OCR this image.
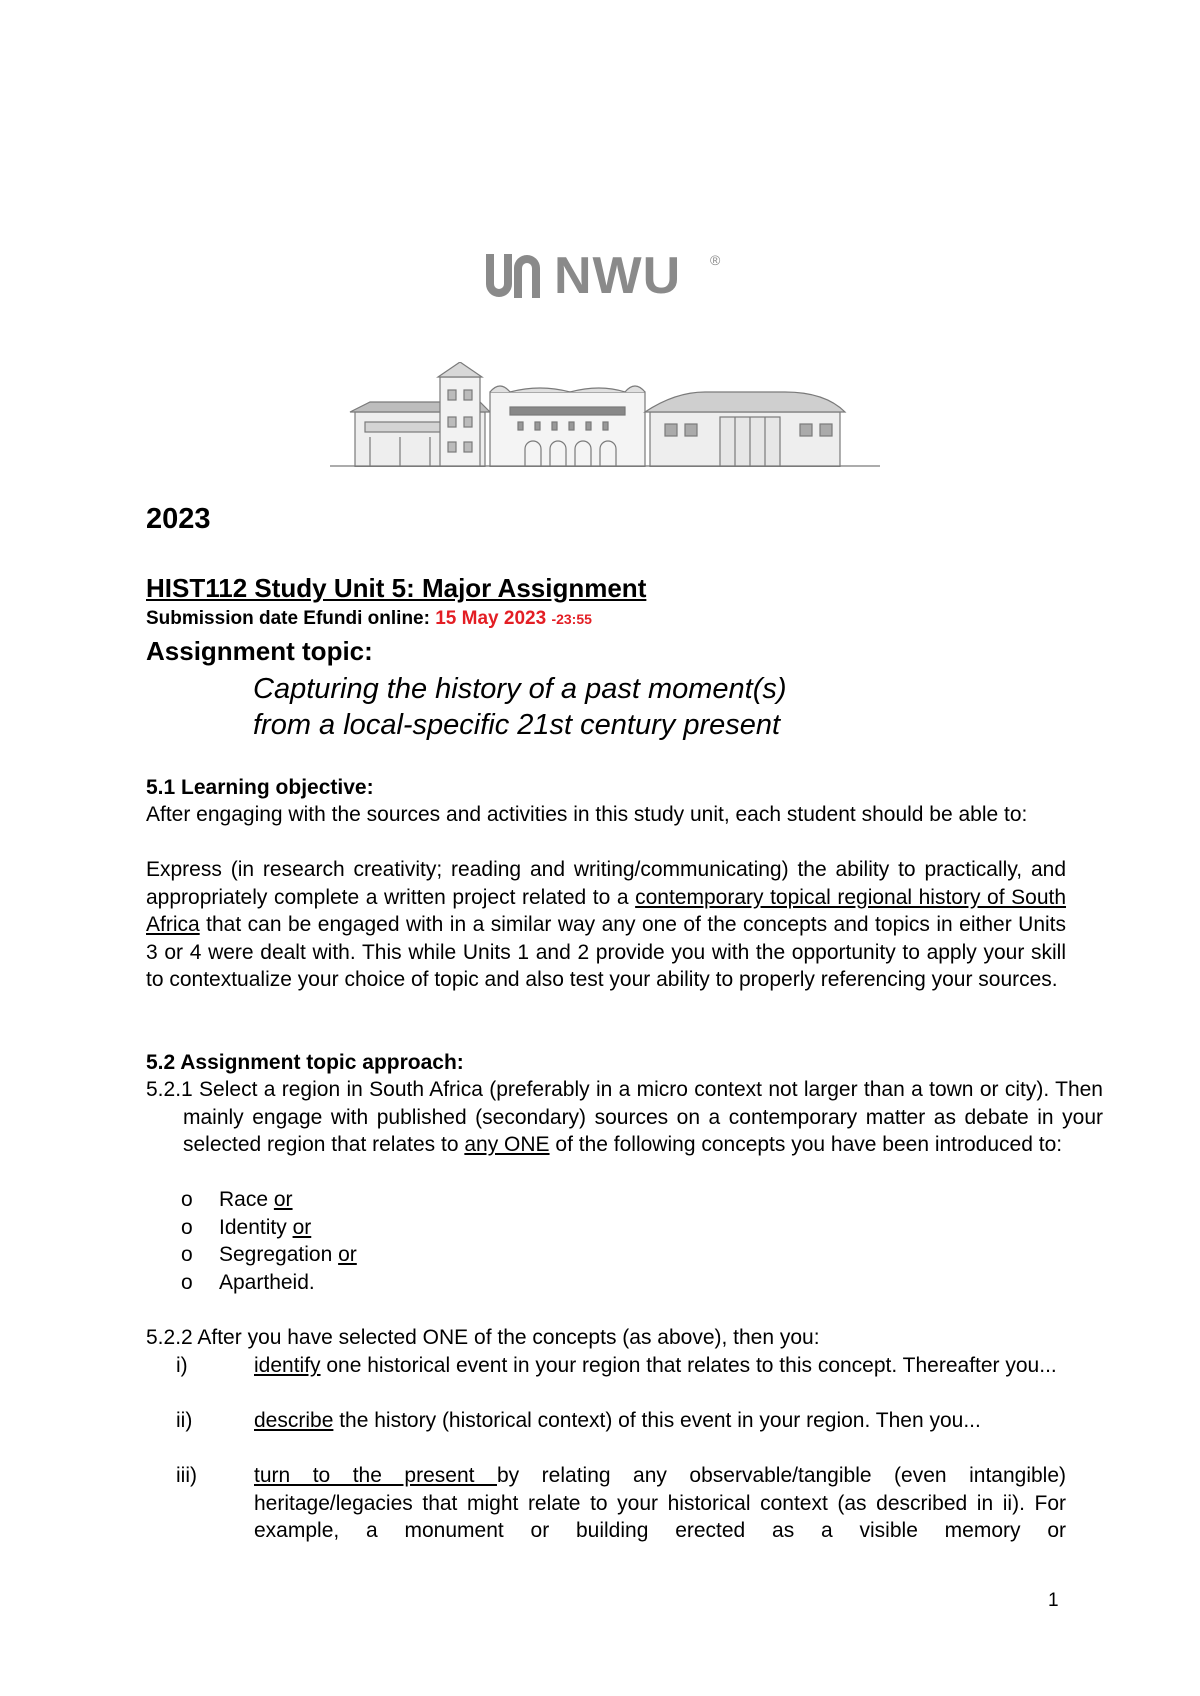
NWU ®
2023
HIST112 Study Unit 5: Major Assignment
Submission date Efundi online: 15 May 2023 -23:55
Assignment topic:
Capturing the history of a past moment(s)
from a local-specific 21st century present
5.1 Learning objective:
After engaging with the sources and activities in this study unit, each student should be able to:
Express (in research creativity; reading and writing/communicating) the ability to practically, and appropriately complete a written project related to a contemporary topical regional history of South Africa that can be engaged with in a similar way any one of the concepts and topics in either Units 3 or 4 were dealt with. This while Units 1 and 2 provide you with the opportunity to apply your skill to contextualize your choice of topic and also test your ability to properly referencing your sources.
5.2 Assignment topic approach:
5.2.1 Select a region in South Africa (preferably in a micro context not larger than a town or city). Then mainly engage with published (secondary) sources on a contemporary matter as debate in your selected region that relates to any ONE of the following concepts you have been introduced to:
o Race or
o Identity or
o Segregation or
o Apartheid.
5.2.2 After you have selected ONE of the concepts (as above), then you:
i)	identify one historical event in your region that relates to this concept. Thereafter you...
ii)	describe the history (historical context) of this event in your region. Then you...
iii)	turn to the present by relating any observable/tangible (even intangible) heritage/legacies that might relate to your historical context (as described in ii). For example, a monument or building erected as a visible memory or
1
